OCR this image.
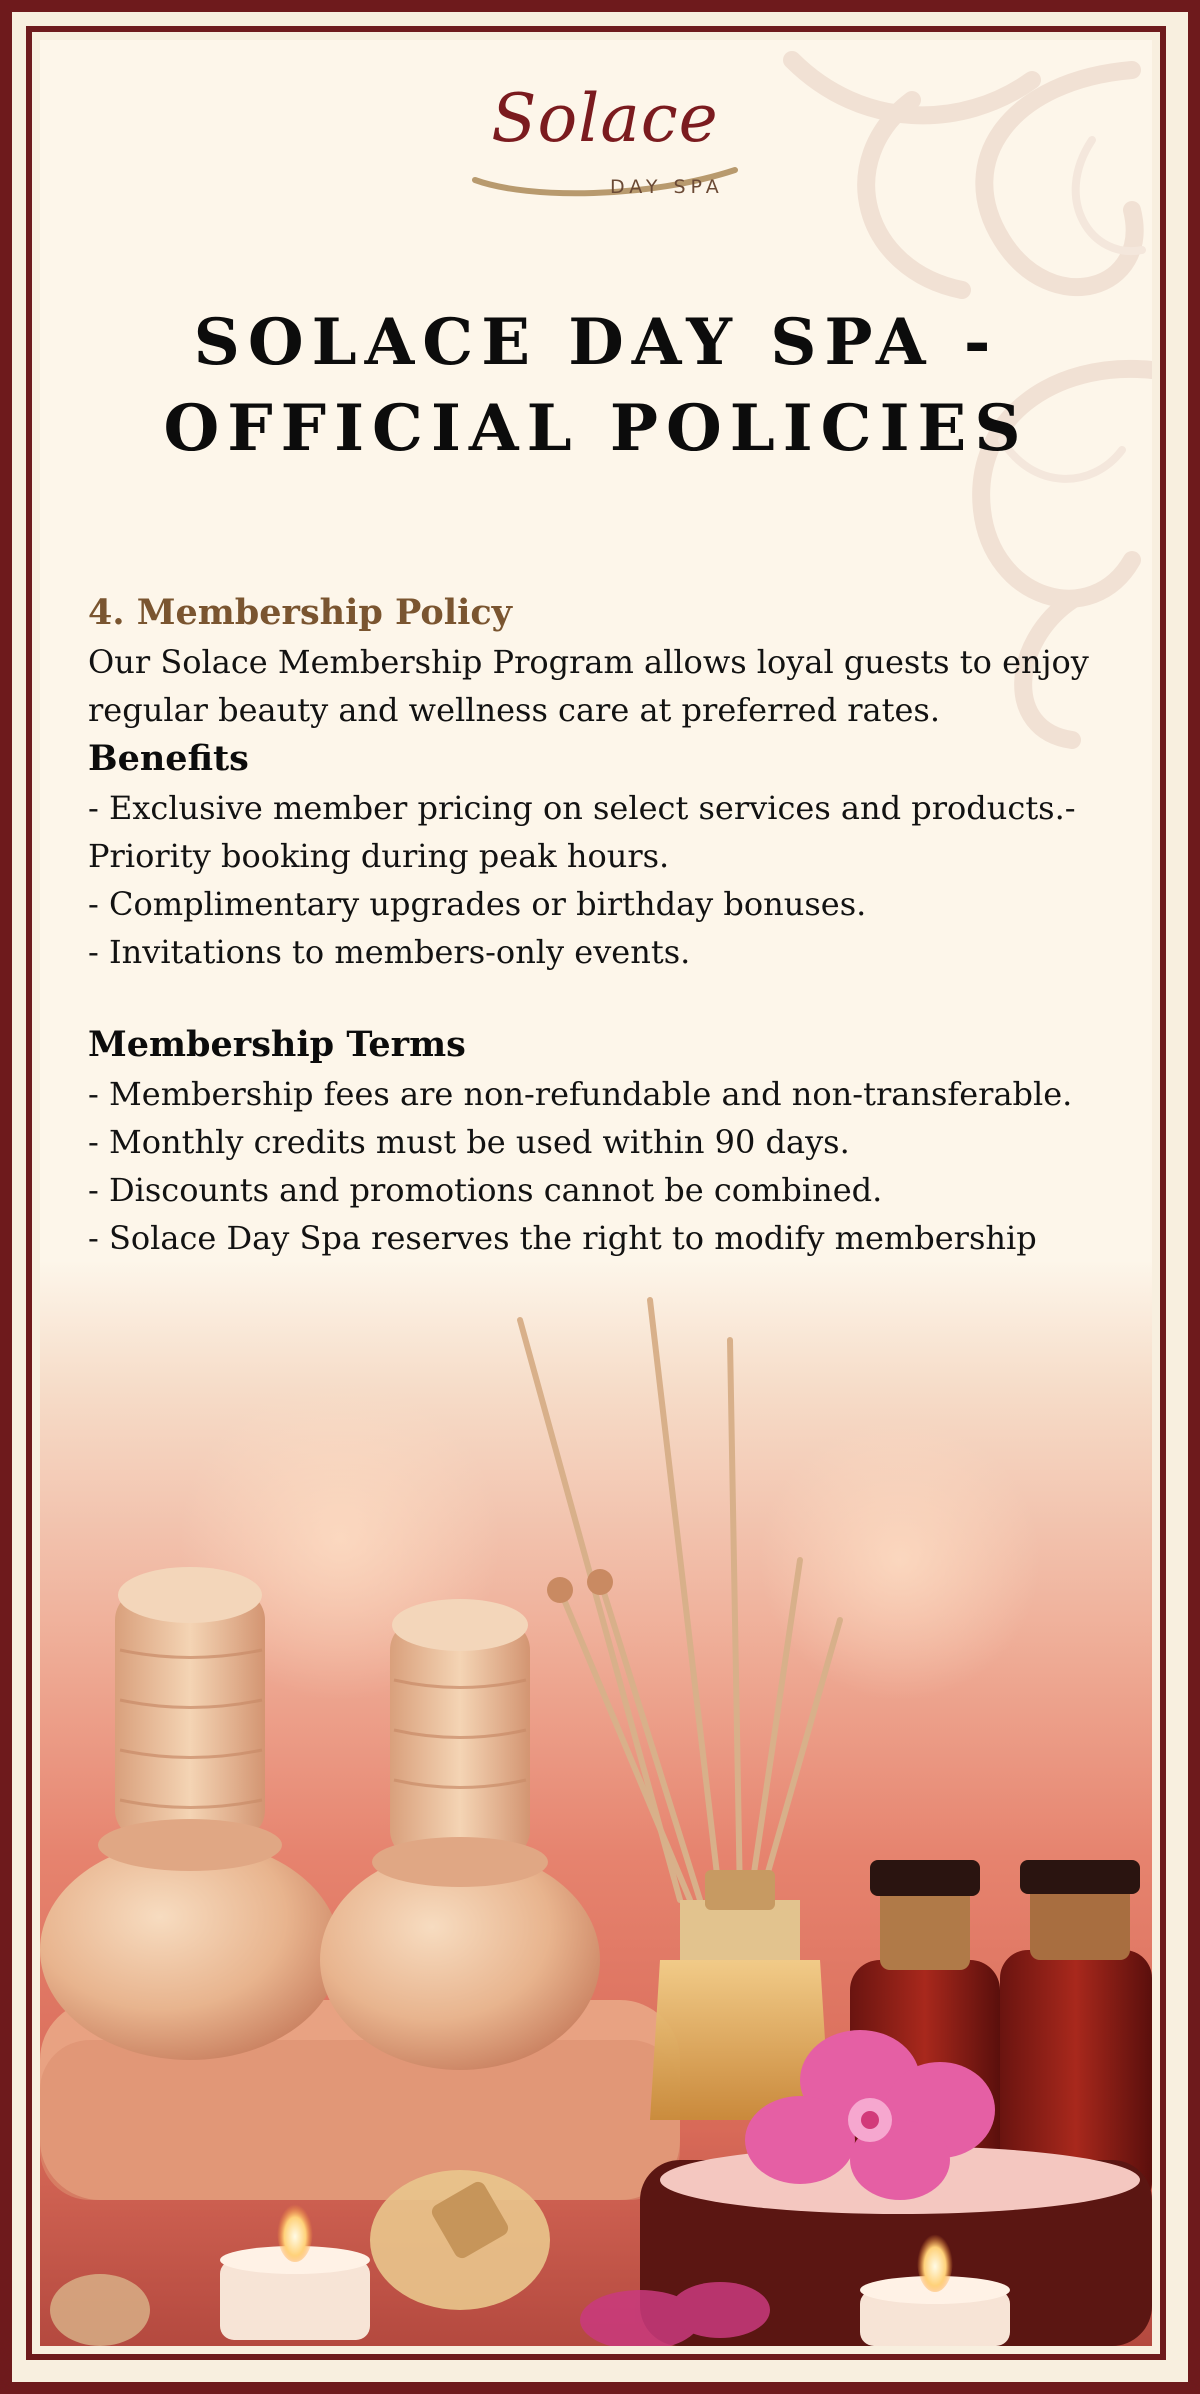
Solace
DAY SPA
SOLACE DAY SPA -
OFFICIAL POLICIES

4. Membership Policy

Our Solace Membership Program allows loyal guests to enjoy regular beauty and wellness care at preferred rates.

Benefits

- Exclusive member pricing on select services and products.- Priority booking during peak hours.

- Complimentary upgrades or birthday bonuses.

- Invitations to members-only events.

Membership Terms

- Membership fees are non-refundable and non-transferable.

- Monthly credits must be used within 90 days.

- Discounts and promotions cannot be combined.

- Solace Day Spa reserves the right to modify membership
